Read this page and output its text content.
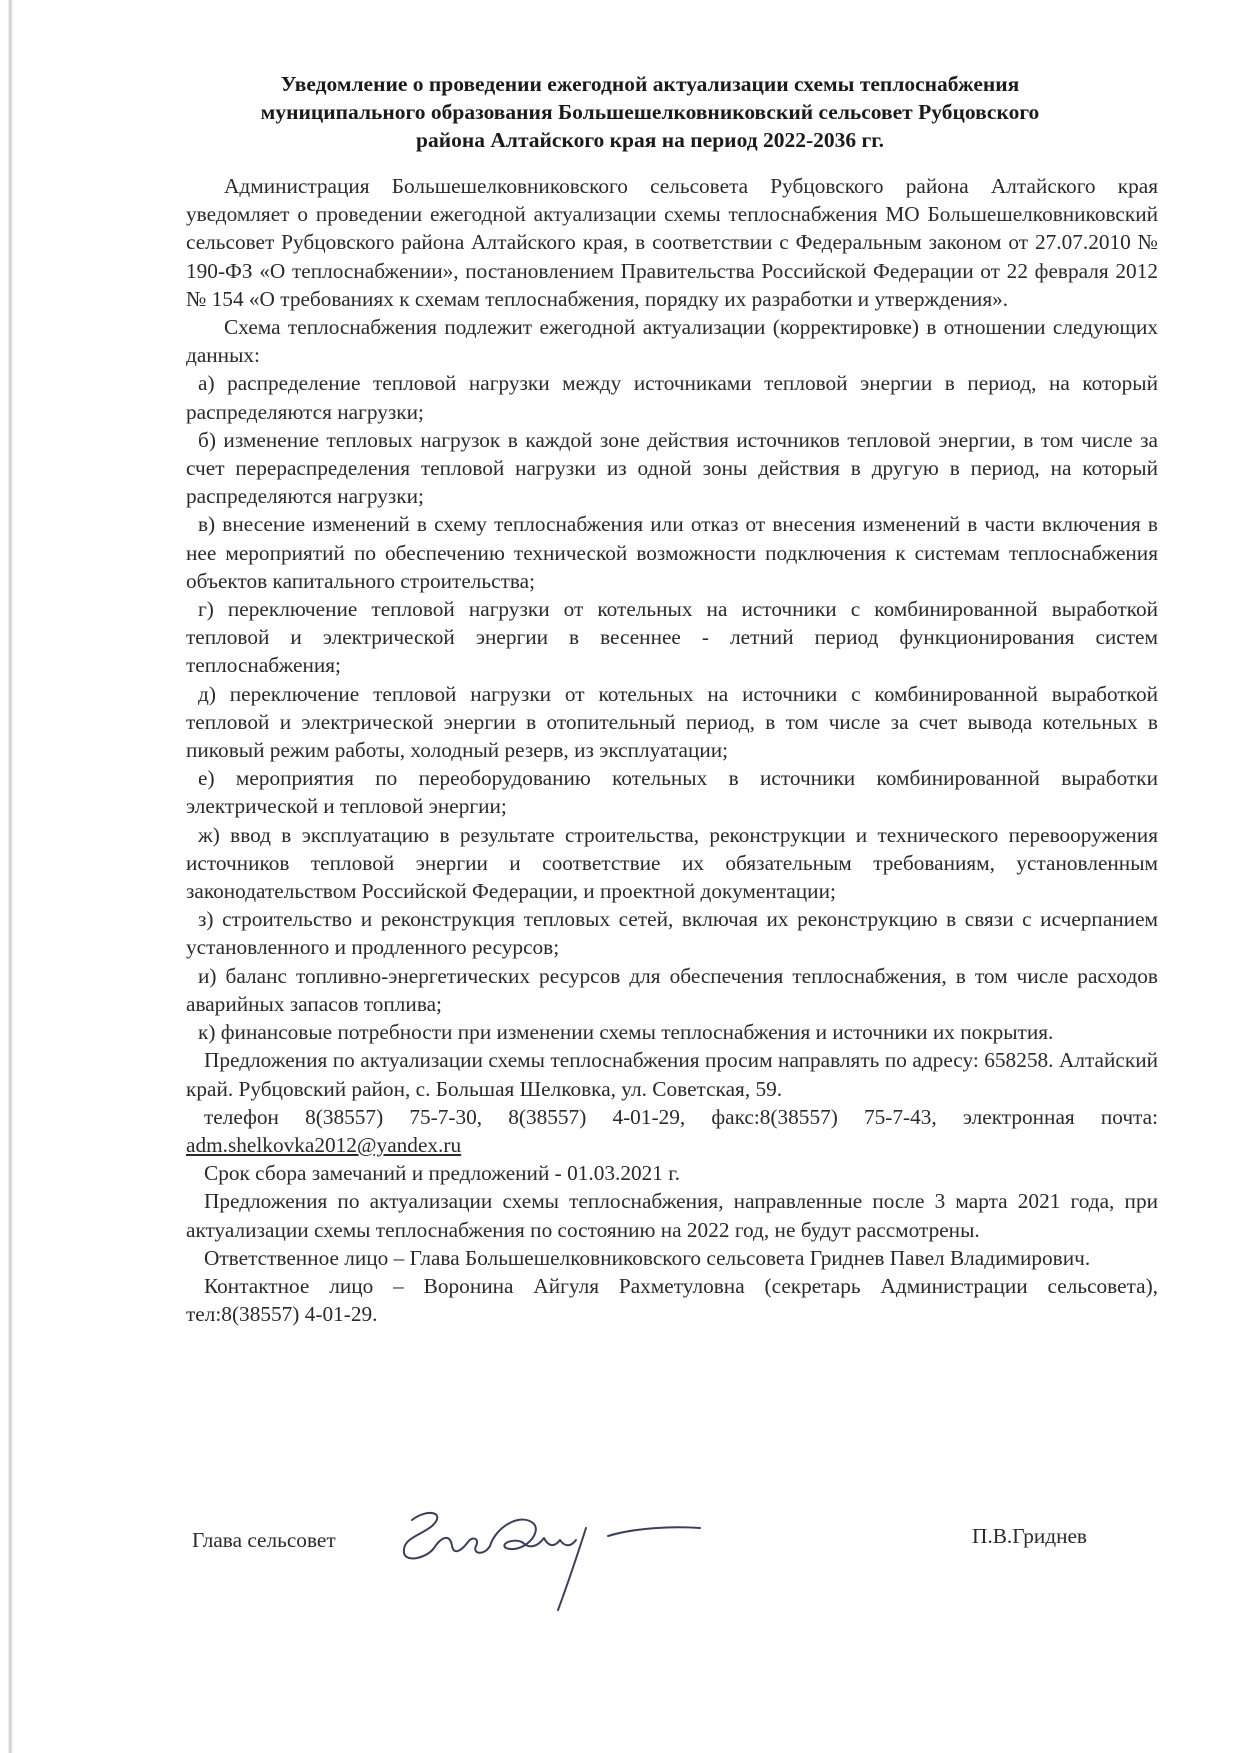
Уведомление о проведении ежегодной актуализации схемы теплоснабжения
муниципального образования Большешелковниковский сельсовет Рубцовского
района Алтайского края на период 2022-2036 гг.

Администрация Большешелковниковского сельсовета Рубцовского района Алтайского края уведомляет о проведении ежегодной актуализации схемы теплоснабжения МО Большешелковниковский сельсовет Рубцовского района Алтайского края, в соответствии с Федеральным законом от 27.07.2010 № 190-ФЗ «О теплоснабжении», постановлением Правительства Российской Федерации от 22 февраля 2012 № 154 «О требованиях к схемам теплоснабжения, порядку их разработки и утверждения».

Схема теплоснабжения подлежит ежегодной актуализации (корректировке) в отношении следующих данных:

а) распределение тепловой нагрузки между источниками тепловой энергии в период, на который распределяются нагрузки;

б) изменение тепловых нагрузок в каждой зоне действия источников тепловой энергии, в том числе за счет перераспределения тепловой нагрузки из одной зоны действия в другую в период, на который распределяются нагрузки;

в) внесение изменений в схему теплоснабжения или отказ от внесения изменений в части включения в нее мероприятий по обеспечению технической возможности подключения к системам теплоснабжения объектов капитального строительства;

г) переключение тепловой нагрузки от котельных на источники с комбинированной выработкой тепловой и электрической энергии в весеннее - летний период функционирования систем теплоснабжения;

д) переключение тепловой нагрузки от котельных на источники с комбинированной выработкой тепловой и электрической энергии в отопительный период, в том числе за счет вывода котельных в пиковый режим работы, холодный резерв, из эксплуатации;

е) мероприятия по переоборудованию котельных в источники комбинированной выработки электрической и тепловой энергии;

ж) ввод в эксплуатацию в результате строительства, реконструкции и технического перевооружения источников тепловой энергии и соответствие их обязательным требованиям, установленным законодательством Российской Федерации, и проектной документации;

з) строительство и реконструкция тепловых сетей, включая их реконструкцию в связи с исчерпанием установленного и продленного ресурсов;

и) баланс топливно-энергетических ресурсов для обеспечения теплоснабжения, в том числе расходов аварийных запасов топлива;

к) финансовые потребности при изменении схемы теплоснабжения и источники их покрытия.

Предложения по актуализации схемы теплоснабжения просим направлять по адресу: 658258. Алтайский край. Рубцовский район, с. Большая Шелковка, ул. Советская, 59.

телефон 8(38557) 75-7-30, 8(38557) 4-01-29, факс:8(38557) 75-7-43, электронная почта: adm.shelkovka2012@yandex.ru

Срок сбора замечаний и предложений - 01.03.2021 г.

Предложения по актуализации схемы теплоснабжения, направленные после 3 марта 2021 года, при актуализации схемы теплоснабжения по состоянию на 2022 год, не будут рассмотрены.

Ответственное лицо – Глава Большешелковниковского сельсовета Гриднев Павел Владимирович.

Контактное лицо – Воронина Айгуля Рахметуловна (секретарь Администрации сельсовета), тел:8(38557) 4-01-29.

Глава сельсовет	П.В.Гриднев
